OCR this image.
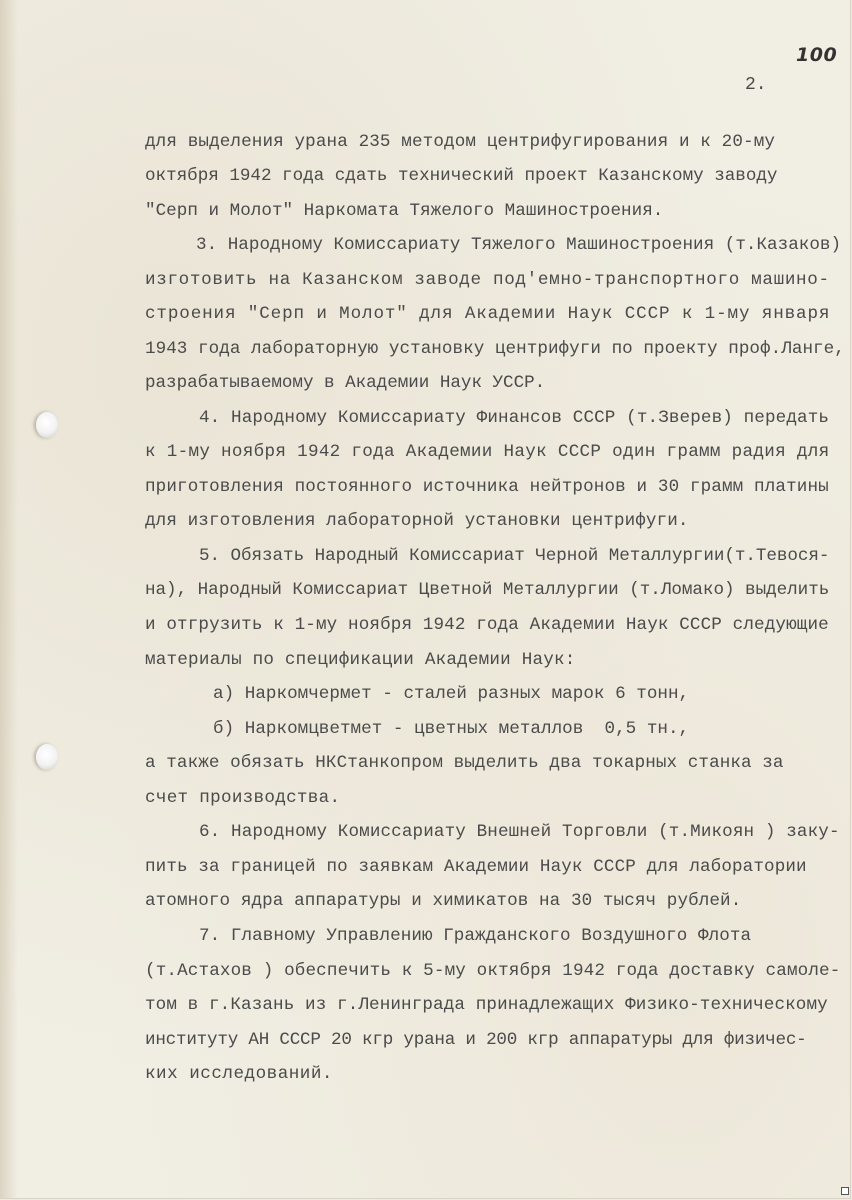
100
2.
для выделения урана 235 методом центрифугирования и к 20-му
октября 1942 года сдать технический проект Казанскому заводу
"Серп и Молот" Наркомата Тяжелого Машиностроения.
3. Народному Комиссариату Тяжелого Машиностроения (т.Казаков)
изготовить на Казанском заводе под'емно-транспортного машино-
строения "Серп и Молот" для Академии Наук СССР к 1-му января
1943 года лабораторную установку центрифуги по проекту проф.Ланге,
разрабатываемому в Академии Наук УССР.
4. Народному Комиссариату Финансов СССР (т.Зверев) передать
к 1-му ноября 1942 года Академии Наук СССР один грамм радия для
приготовления постоянного источника нейтронов и 30 грамм платины
для изготовления лабораторной установки центрифуги.
5. Обязать Народный Комиссариат Черной Металлургии(т.Тевося-
на), Народный Комиссариат Цветной Металлургии (т.Ломако) выделить
и отгрузить к 1-му ноября 1942 года Академии Наук СССР следующие
материалы по спецификации Академии Наук:
а) Наркомчермет - сталей разных марок 6 тонн,
б) Наркомцветмет - цветных металлов  0,5 тн.,
а также обязать НКСтанкопром выделить два токарных станка за
счет производства.
6. Народному Комиссариату Внешней Торговли (т.Микоян ) заку-
пить за границей по заявкам Академии Наук СССР для лаборатории
атомного ядра аппаратуры и химикатов на 30 тысяч рублей.
7. Главному Управлению Гражданского Воздушного Флота
(т.Астахов ) обеспечить к 5-му октября 1942 года доставку самоле-
том в г.Казань из г.Ленинграда принадлежащих Физико-техническому
институту АН СССР 20 кгр урана и 200 кгр аппаратуры для физичес-
ких исследований.
